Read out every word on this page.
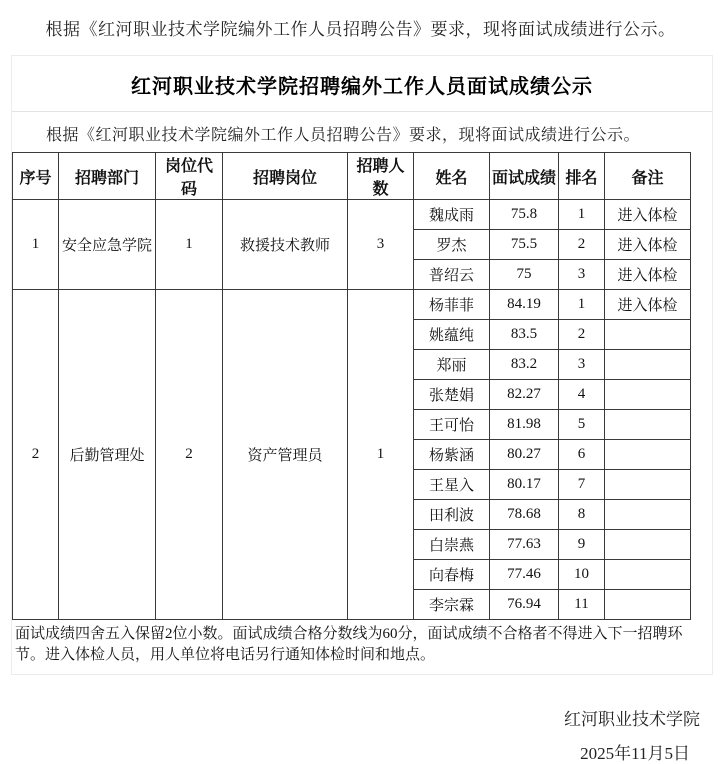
根据《红河职业技术学院编外工作人员招聘公告》要求，现将面试成绩进行公示。

红河职业技术学院招聘编外工作人员面试成绩公示

根据《红河职业技术学院编外工作人员招聘公告》要求，现将面试成绩进行公示。

序号	招聘部门	岗位代码	招聘岗位	招聘人数	姓名	面试成绩	排名	备注
1	安全应急学院	1	救援技术教师	3	魏成雨	75.8	1	进入体检
					罗杰	75.5	2	进入体检
					普绍云	75	3	进入体检
2	后勤管理处	2	资产管理员	1	杨菲菲	84.19	1	进入体检
					姚蕴纯	83.5	2	
					郑丽	83.2	3	
					张楚娟	82.27	4	
					王可怡	81.98	5	
					杨紫涵	80.27	6	
					王星入	80.17	7	
					田利波	78.68	8	
					白崇燕	77.63	9	
					向春梅	77.46	10	
					李宗霖	76.94	11	

面试成绩四舍五入保留2位小数。面试成绩合格分数线为60分，面试成绩不合格者不得进入下一招聘环节。进入体检人员，用人单位将电话另行通知体检时间和地点。

红河职业技术学院
2025年11月5日
